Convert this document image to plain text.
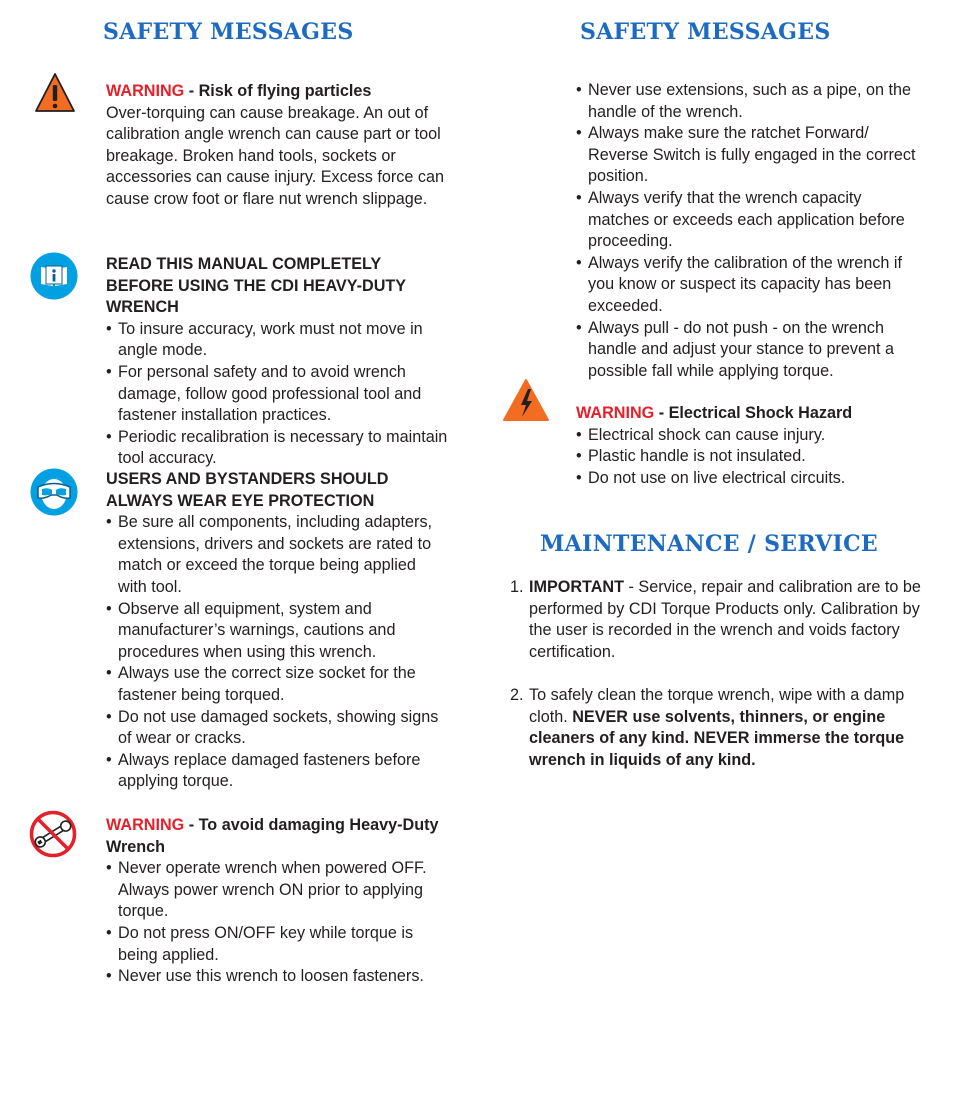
SAFETY MESSAGES

WARNING - Risk of flying particles

Over-torquing can cause breakage. An out of calibration angle wrench can cause part or tool breakage. Broken hand tools, sockets or accessories can cause injury. Excess force can cause crow foot or flare nut wrench slippage.

READ THIS MANUAL COMPLETELY BEFORE USING THE CDI HEAVY-DUTY WRENCH

• To insure accuracy, work must not move in angle mode.
• For personal safety and to avoid wrench damage, follow good professional tool and fastener installation practices.
• Periodic recalibration is necessary to maintain tool accuracy.

USERS AND BYSTANDERS SHOULD ALWAYS WEAR EYE PROTECTION

• Be sure all components, including adapters, extensions, drivers and sockets are rated to match or exceed the torque being applied with tool.
• Observe all equipment, system and manufacturer’s warnings, cautions and procedures when using this wrench.
• Always use the correct size socket for the fastener being torqued.
• Do not use damaged sockets, showing signs of wear or cracks.
• Always replace damaged fasteners before applying torque.

WARNING - To avoid damaging Heavy-Duty Wrench

• Never operate wrench when powered OFF. Always power wrench ON prior to applying torque.
• Do not press ON/OFF key while torque is being applied.
• Never use this wrench to loosen fasteners.
SAFETY MESSAGES
• Never use extensions, such as a pipe, on the handle of the wrench.
• Always make sure the ratchet Forward/ Reverse Switch is fully engaged in the correct position.
• Always verify that the wrench capacity matches or exceeds each application before proceeding.
• Always verify the calibration of the wrench if you know or suspect its capacity has been exceeded.
• Always pull - do not push - on the wrench handle and adjust your stance to prevent a possible fall while applying torque.

WARNING - Electrical Shock Hazard

• Electrical shock can cause injury.
• Plastic handle is not insulated.
• Do not use on live electrical circuits.
MAINTENANCE / SERVICE
1. IMPORTANT - Service, repair and calibration are to be performed by CDI Torque Products only. Calibration by the user is recorded in the wrench and voids factory certification.
2. To safely clean the torque wrench, wipe with a damp cloth. NEVER use solvents, thinners, or engine cleaners of any kind. NEVER immerse the torque wrench in liquids of any kind.
